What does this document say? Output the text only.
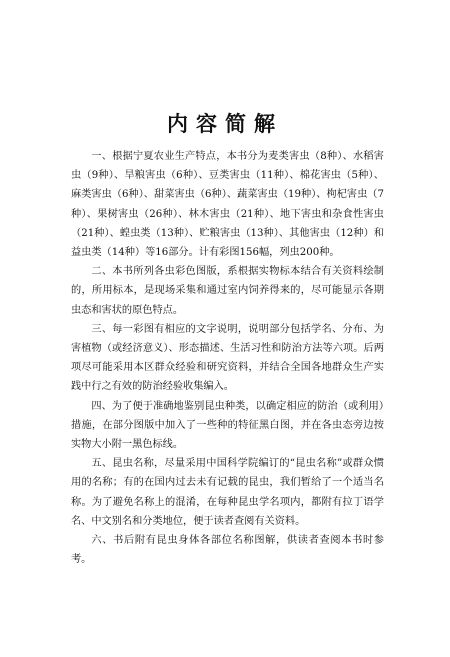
内容简解

一、根据宁夏农业生产特点，本书分为麦类害虫（8种）、水稻害虫（9种）、旱粮害虫（6种）、豆类害虫（11种）、棉花害虫（5种）、麻类害虫（6种）、甜菜害虫（6种）、蔬菜害虫（19种）、枸杞害虫（7种）、果树害虫（26种）、林木害虫（21种）、地下害虫和杂食性害虫（21种）、蝗虫类（13种）、贮粮害虫（13种）、其他害虫（12种）和益虫类（14种）等16部分。计有彩图156幅，列虫200种。

二、本书所列各虫彩色图版，系根据实物标本结合有关资料绘制的，所用标本，是现场采集和通过室内饲养得来的，尽可能显示各期虫态和害状的原色特点。

三、每一彩图有相应的文字说明，说明部分包括学名、分布、为害植物（或经济意义）、形态描述、生活习性和防治方法等六项。后两项尽可能采用本区群众经验和研究资料，并结合全国各地群众生产实践中行之有效的防治经验收集编入。

四、为了便于准确地鉴别昆虫种类，以确定相应的防治（或利用）措施，在部分图版中加入了一些种的特征黑白图，并在各虫态旁边按实物大小附一黑色标线。

五、昆虫名称，尽量采用中国科学院编订的“昆虫名称”或群众惯用的名称；有的在国内过去未有记载的昆虫，我们暂给了一个适当名称。为了避免名称上的混淆，在每种昆虫学名项内，都附有拉丁语学名、中文别名和分类地位，便于读者查阅有关资料。

六、书后附有昆虫身体各部位名称图解，供读者查阅本书时参考。
